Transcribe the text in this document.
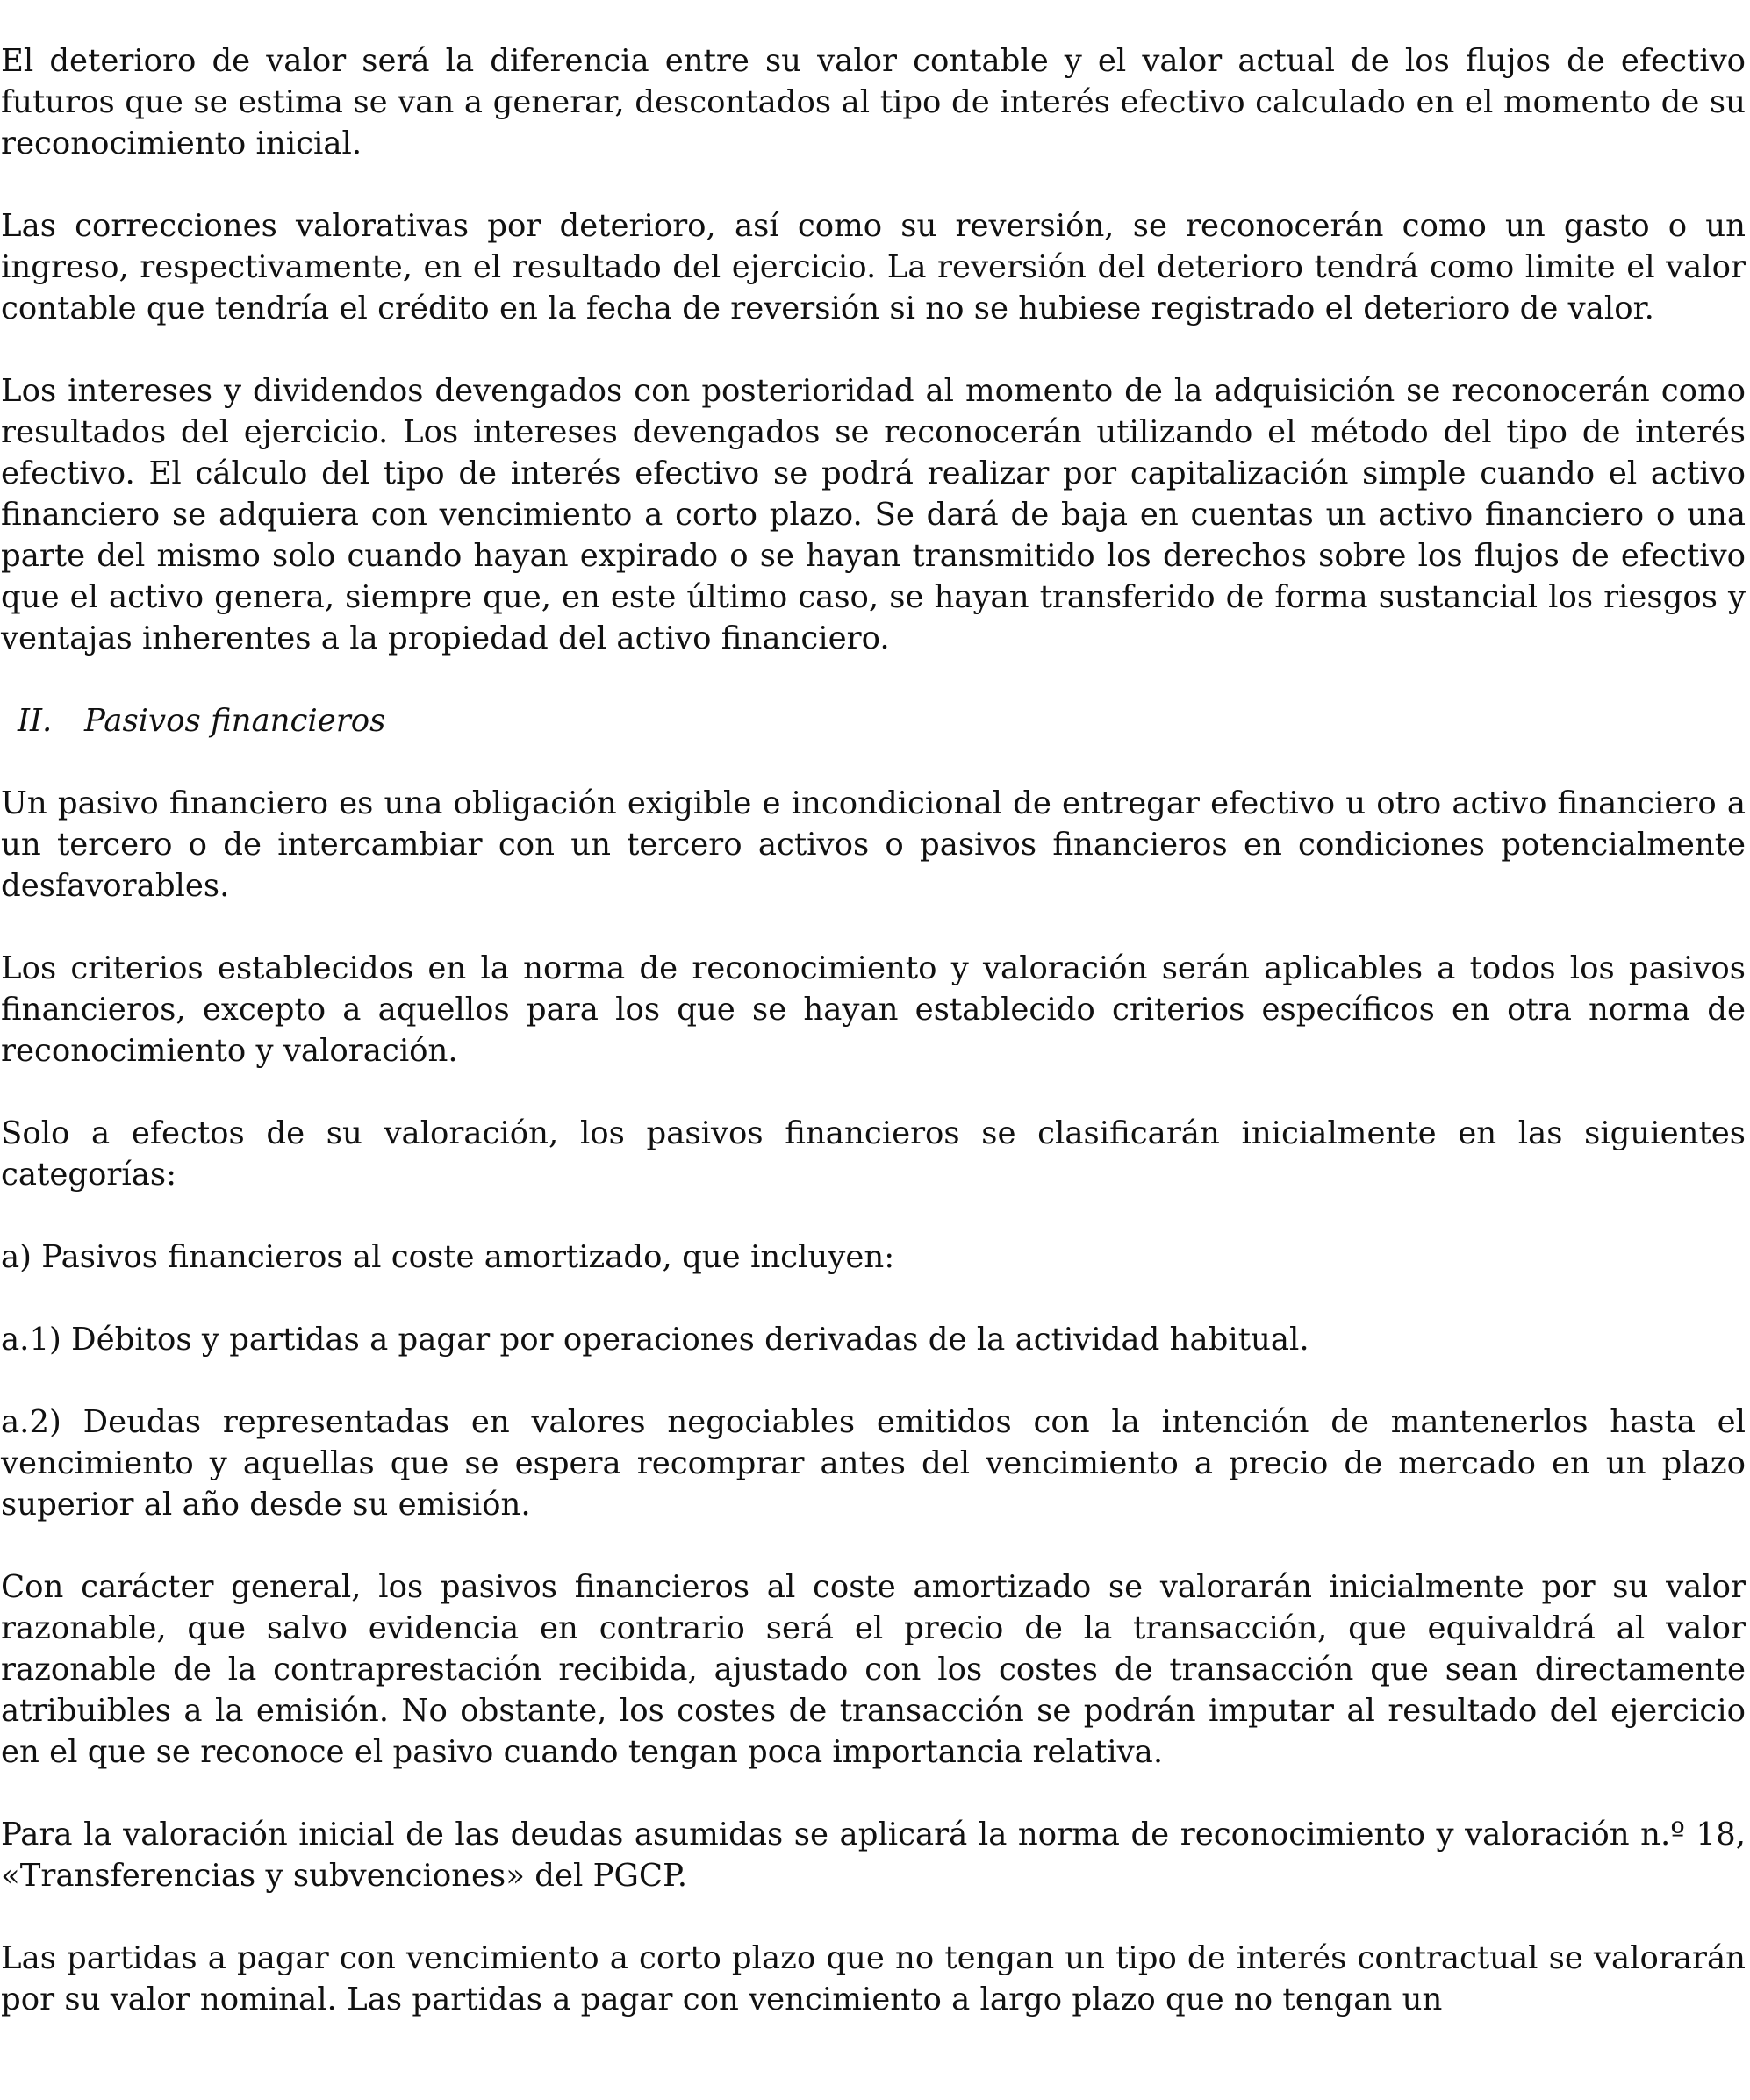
El deterioro de valor será la diferencia entre su valor contable y el valor actual de los flujos de efectivo futuros que se estima se van a generar, descontados al tipo de interés efectivo calculado en el momento de su reconocimiento inicial.

Las correcciones valorativas por deterioro, así como su reversión, se reconocerán como un gasto o un ingreso, respectivamente, en el resultado del ejercicio. La reversión del deterioro tendrá como limite el valor contable que tendría el crédito en la fecha de reversión si no se hubiese registrado el deterioro de valor.

Los intereses y dividendos devengados con posterioridad al momento de la adquisición se reconocerán como resultados del ejercicio. Los intereses devengados se reconocerán utilizando el método del tipo de interés efectivo. El cálculo del tipo de interés efectivo se podrá realizar por capitalización simple cuando el activo financiero se adquiera con vencimiento a corto plazo. Se dará de baja en cuentas un activo financiero o una parte del mismo solo cuando hayan expirado o se hayan transmitido los derechos sobre los flujos de efectivo que el activo genera, siempre que, en este último caso, se hayan transferido de forma sustancial los riesgos y ventajas inherentes a la propiedad del activo financiero.

II.	Pasivos financieros

Un pasivo financiero es una obligación exigible e incondicional de entregar efectivo u otro activo financiero a un tercero o de intercambiar con un tercero activos o pasivos financieros en condiciones potencialmente desfavorables.

Los criterios establecidos en la norma de reconocimiento y valoración serán aplicables a todos los pasivos financieros, excepto a aquellos para los que se hayan establecido criterios específicos en otra norma de reconocimiento y valoración.

Solo a efectos de su valoración, los pasivos financieros se clasificarán inicialmente en las siguientes categorías:

a) Pasivos financieros al coste amortizado, que incluyen:

a.1) Débitos y partidas a pagar por operaciones derivadas de la actividad habitual.

a.2) Deudas representadas en valores negociables emitidos con la intención de mantenerlos hasta el vencimiento y aquellas que se espera recomprar antes del vencimiento a precio de mercado en un plazo superior al año desde su emisión.

Con carácter general, los pasivos financieros al coste amortizado se valorarán inicialmente por su valor razonable, que salvo evidencia en contrario será el precio de la transacción, que equivaldrá al valor razonable de la contraprestación recibida, ajustado con los costes de transacción que sean directamente atribuibles a la emisión. No obstante, los costes de transacción se podrán imputar al resultado del ejercicio en el que se reconoce el pasivo cuando tengan poca importancia relativa.

Para la valoración inicial de las deudas asumidas se aplicará la norma de reconocimiento y valoración n.º 18, «Transferencias y subvenciones» del PGCP.

Las partidas a pagar con vencimiento a corto plazo que no tengan un tipo de interés contractual se valorarán por su valor nominal. Las partidas a pagar con vencimiento a largo plazo que no tengan un
